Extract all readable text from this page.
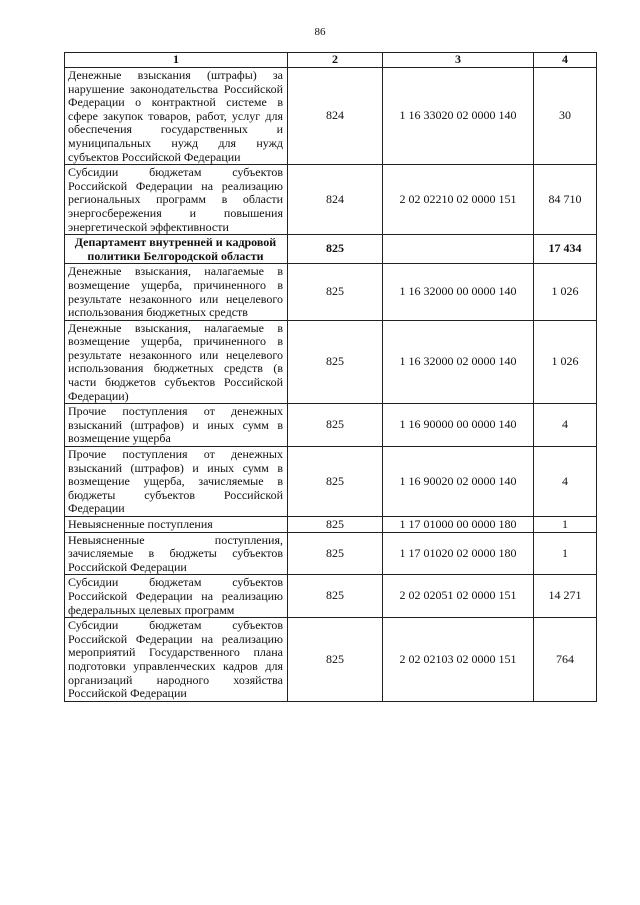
86
1	2	3	4
Денежные взыскания (штрафы) за нарушение законодательства Российской Федерации о контрактной системе в сфере закупок товаров, работ, услуг для обеспечения государственных и муниципальных нужд для нужд субъектов Российской Федерации	824	1 16 33020 02 0000 140	30
Субсидии бюджетам субъектов Российской Федерации на реализацию региональных программ в области энергосбережения и повышения энергетической эффективности	824	2 02 02210 02 0000 151	84 710
Департамент внутренней и кадровой политики Белгородской области	825		17 434
Денежные взыскания, налагаемые в возмещение ущерба, причиненного в результате незаконного или нецелевого использования бюджетных средств	825	1 16 32000 00 0000 140	1 026
Денежные взыскания, налагаемые в возмещение ущерба, причиненного в результате незаконного или нецелевого использования бюджетных средств (в части бюджетов субъектов Российской Федерации)	825	1 16 32000 02 0000 140	1 026
Прочие поступления от денежных взысканий (штрафов) и иных сумм в возмещение ущерба	825	1 16 90000 00 0000 140	4
Прочие поступления от денежных взысканий (штрафов) и иных сумм в возмещение ущерба, зачисляемые в бюджеты субъектов Российской Федерации	825	1 16 90020 02 0000 140	4
Невыясненные поступления	825	1 17 01000 00 0000 180	1
Невыясненные поступления, зачисляемые в бюджеты субъектов Российской Федерации	825	1 17 01020 02 0000 180	1
Субсидии бюджетам субъектов Российской Федерации на реализацию федеральных целевых программ	825	2 02 02051 02 0000 151	14 271
Субсидии бюджетам субъектов Российской Федерации на реализацию мероприятий Государственного плана подготовки управленческих кадров для организаций народного хозяйства Российской Федерации	825	2 02 02103 02 0000 151	764
